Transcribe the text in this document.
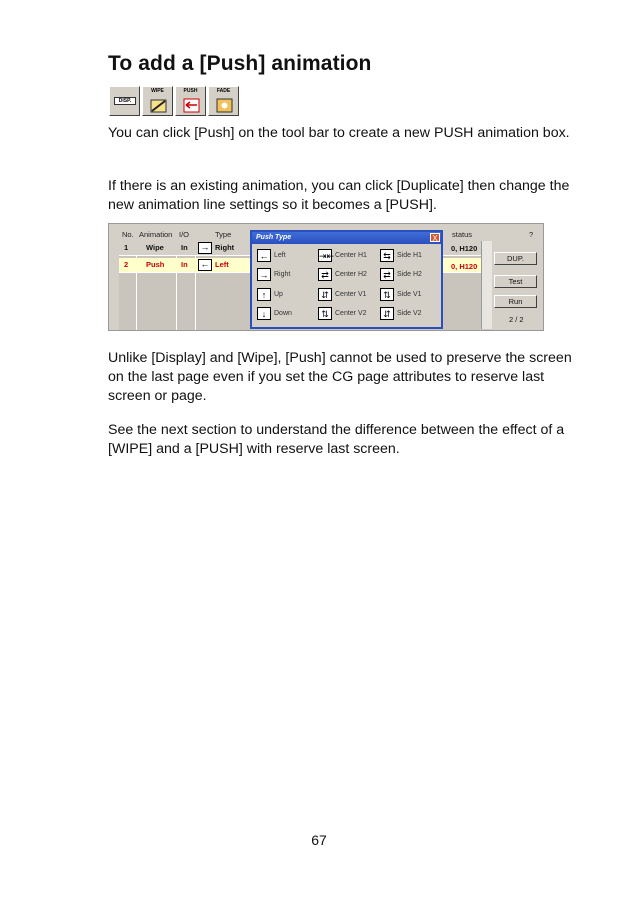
To add a [Push] animation
DISP.
WIPE	PUSH	FADE

You can click [Push] on the tool bar to create a new PUSH animation box.

If there is an existing animation, you can click [Duplicate] then change the new animation line settings so it becomes a [PUSH].

No. Animation I/O	Type	status	?
1 Wipe In → Right
2 Push In ← Left
0, H120
0, H120
DUP.
Test
Run
2 / 2
Push Type	X
← Left
→ Right
↑	Up
↓	Down
⇥⇤ Center H1
⇄ Center H2
⇵ Center V1
⇅ Center V2
⇆ Side H1
⇄ Side H2
⇅ Side V1
⇵ Side V2

Unlike [Display] and [Wipe], [Push] cannot be used to preserve the screen on the last page even if you set the CG page attributes to reserve last screen or page.

See the next section to understand the difference between the effect of a [WIPE] and a [PUSH] with reserve last screen.

67
